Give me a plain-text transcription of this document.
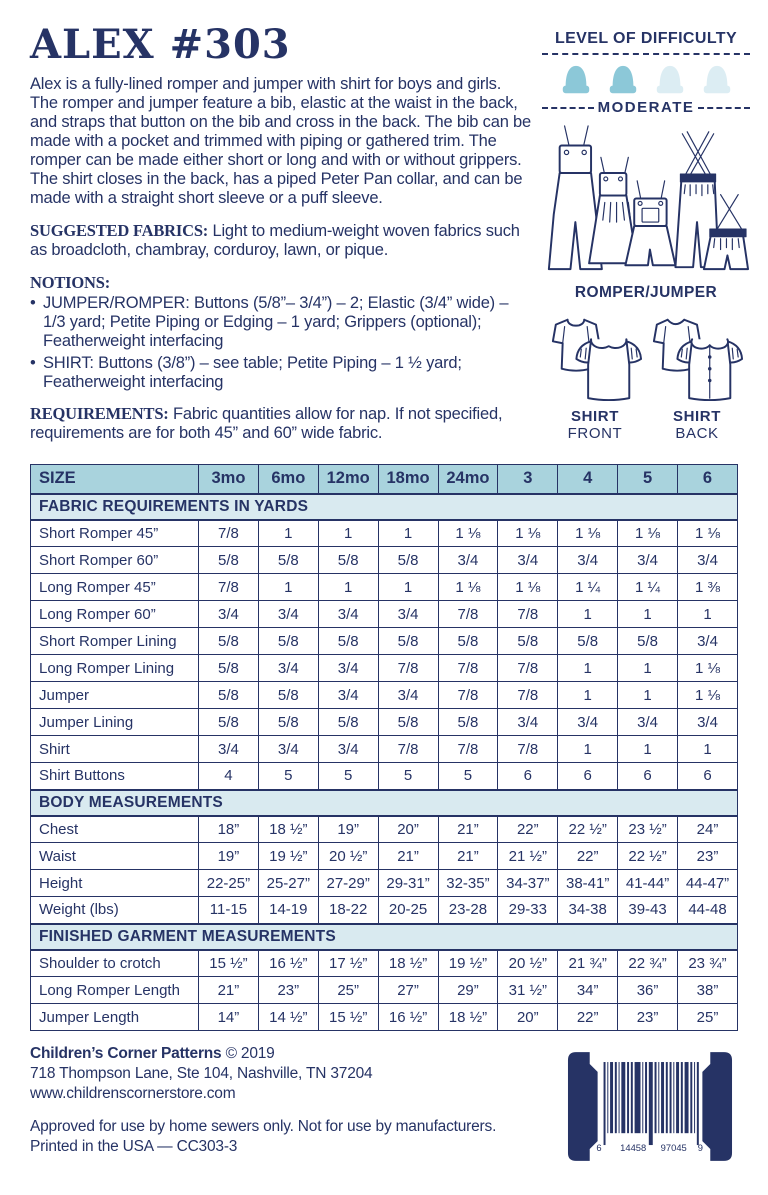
ALEX #303

Alex is a fully-lined romper and jumper with shirt for boys and girls. The romper and jumper feature a bib, elastic at the waist in the back, and straps that button on the bib and cross in the back. The bib can be made with a pocket and trimmed with piping or gathered trim. The romper can be made either short or long and with or without grippers. The shirt closes in the back, has a piped Peter Pan collar, and can be made with a straight short sleeve or a puff sleeve.

SUGGESTED FABRICS: Light to medium-weight woven fabrics such as broadcloth, chambray, corduroy, lawn, or pique.

NOTIONS:

• JUMPER/ROMPER: Buttons (5/8”– 3/4”) – 2; Elastic (3/4” wide) – 1/3 yard; Petite Piping or Edging – 1 yard; Grippers (optional); Featherweight interfacing
• SHIRT: Buttons (3/8”) – see table; Petite Piping – 1 ½ yard; Featherweight interfacing

REQUIREMENTS: Fabric quantities allow for nap. If not specified, requirements are for both 45” and 60” wide fabric.

LEVEL OF DIFFICULTY
MODERATE
ROMPER/JUMPER
SHIRT
FRONT
SHIRT
BACK
SIZE	3mo	6mo	12mo	18mo	24mo	3	4	5	6
FABRIC REQUIREMENTS IN YARDS									
Short Romper 45”	7/8	1	1	1	1 ⅛	1 ⅛	1 ⅛	1 ⅛	1 ⅛
Short Romper 60”	5/8	5/8	5/8	5/8	3/4	3/4	3/4	3/4	3/4
Long Romper 45”	7/8	1	1	1	1 ⅛	1 ⅛	1 ¼	1 ¼	1 ⅜
Long Romper 60”	3/4	3/4	3/4	3/4	7/8	7/8	1	1	1
Short Romper Lining	5/8	5/8	5/8	5/8	5/8	5/8	5/8	5/8	3/4
Long Romper Lining	5/8	3/4	3/4	7/8	7/8	7/8	1	1	1 ⅛
Jumper	5/8	5/8	3/4	3/4	7/8	7/8	1	1	1 ⅛
Jumper Lining	5/8	5/8	5/8	5/8	5/8	3/4	3/4	3/4	3/4
Shirt	3/4	3/4	3/4	7/8	7/8	7/8	1	1	1
Shirt Buttons	4	5	5	5	5	6	6	6	6
BODY MEASUREMENTS									
Chest	18”	18 ½”	19”	20”	21”	22”	22 ½”	23 ½”	24”
Waist	19”	19 ½”	20 ½”	21”	21”	21 ½”	22”	22 ½”	23”
Height	22-25”	25-27”	27-29”	29-31”	32-35”	34-37”	38-41”	41-44”	44-47”
Weight (lbs)	11-15	14-19	18-22	20-25	23-28	29-33	34-38	39-43	44-48
FINISHED GARMENT MEASUREMENTS									
Shoulder to crotch	15 ½”	16 ½”	17 ½”	18 ½”	19 ½”	20 ½”	21 ¾”	22 ¾”	23 ¾”
Long Romper Length	21”	23”	25”	27”	29”	31 ½”	34”	36”	38”
Jumper Length	14”	14 ½”	15 ½”	16 ½”	18 ½”	20”	22”	23”	25”

Children’s Corner Patterns © 2019

718 Thompson Lane, Ste 104, Nashville, TN 37204

www.childrenscornerstore.com

Approved for use by home sewers only. Not for use by manufacturers.

Printed in the USA — CC303-3	6 14458 97045 9
